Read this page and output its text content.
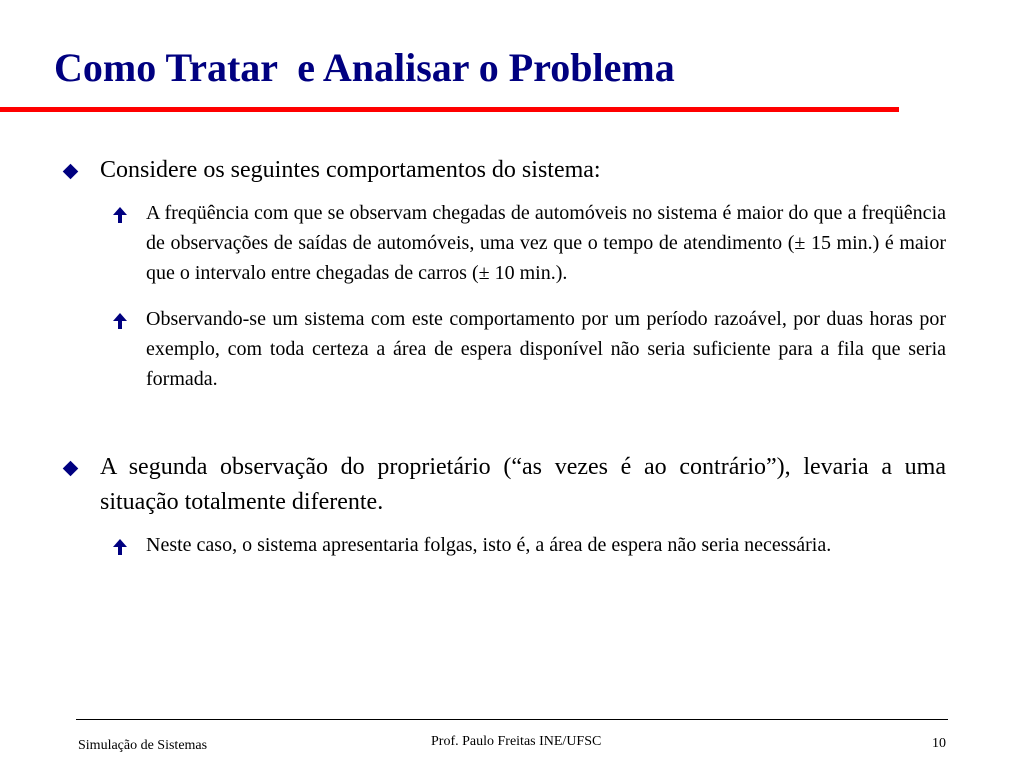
Como Tratar  e Analisar o Problema
Considere os seguintes comportamentos do sistema:
A freqüência com que se observam chegadas de automóveis no sistema é maior do que a freqüência de observações de saídas de automóveis, uma vez que o tempo de atendimento (± 15 min.) é maior que o intervalo entre chegadas de carros (± 10 min.).
Observando-se um sistema com este comportamento por um período razoável, por duas horas por exemplo, com toda certeza a área de espera disponível não seria suficiente para a fila que seria formada.
A segunda observação do proprietário (“as vezes é ao contrário”), levaria a uma situação totalmente diferente.
Neste caso, o sistema apresentaria folgas, isto é, a área de espera não seria necessária.
Simulação de Sistemas	Prof. Paulo Freitas INE/UFSC	10
